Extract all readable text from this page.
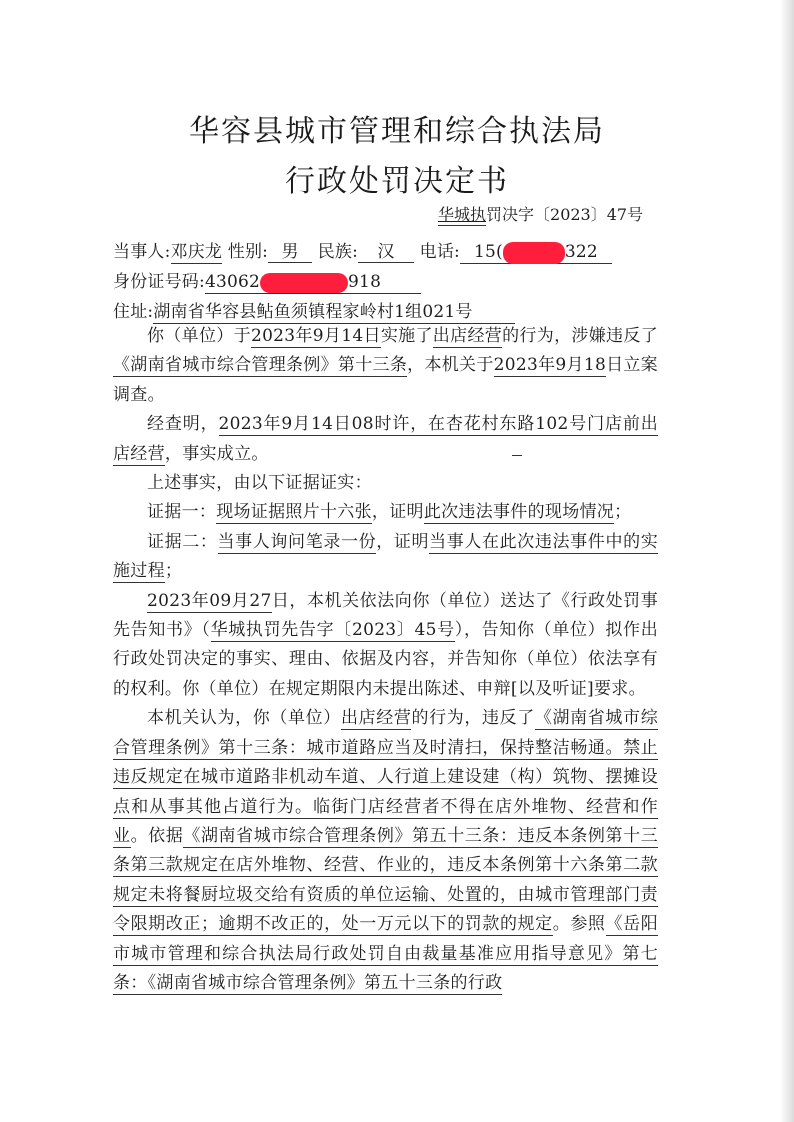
华容县城市管理和综合执法局
行政处罚决定书
华城执罚决字〔2023〕47号
当事人:邓庆龙 性别: 男 民族: 汉 电话: 15(	322
身份证号码:43062	918
住址:湖南省华容县鲇鱼须镇程家岭村1组021号

你（单位）于2023年9月14日实施了出店经营的行为，涉嫌违反了《湖南省城市综合管理条例》第十三条，本机关于2023年9月18日立案调查。

经查明，2023年9月14日08时许，在杏花村东路102号门店前出店经营，事实成立。

上述事实，由以下证据证实：

证据一：现场证据照片十六张，证明此次违法事件的现场情况；

证据二：当事人询问笔录一份，证明当事人在此次违法事件中的实施过程；

2023年09月27日，本机关依法向你（单位）送达了《行政处罚事先告知书》（华城执罚先告字〔2023〕45号），告知你（单位）拟作出行政处罚决定的事实、理由、依据及内容，并告知你（单位）依法享有的权利。你（单位）在规定期限内未提出陈述、申辩[以及听证]要求。

本机关认为，你（单位）出店经营的行为，违反了《湖南省城市综合管理条例》第十三条：城市道路应当及时清扫，保持整洁畅通。禁止违反规定在城市道路非机动车道、人行道上建设建（构）筑物、摆摊设点和从事其他占道行为。临街门店经营者不得在店外堆物、经营和作业。依据《湖南省城市综合管理条例》第五十三条：违反本条例第十三条第三款规定在店外堆物、经营、作业的，违反本条例第十六条第二款规定未将餐厨垃圾交给有资质的单位运输、处置的，由城市管理部门责令限期改正；逾期不改正的，处一万元以下的罚款的规定。参照《岳阳市城市管理和综合执法局行政处罚自由裁量基准应用指导意见》第七条：《湖南省城市综合管理条例》第五十三条的行政
